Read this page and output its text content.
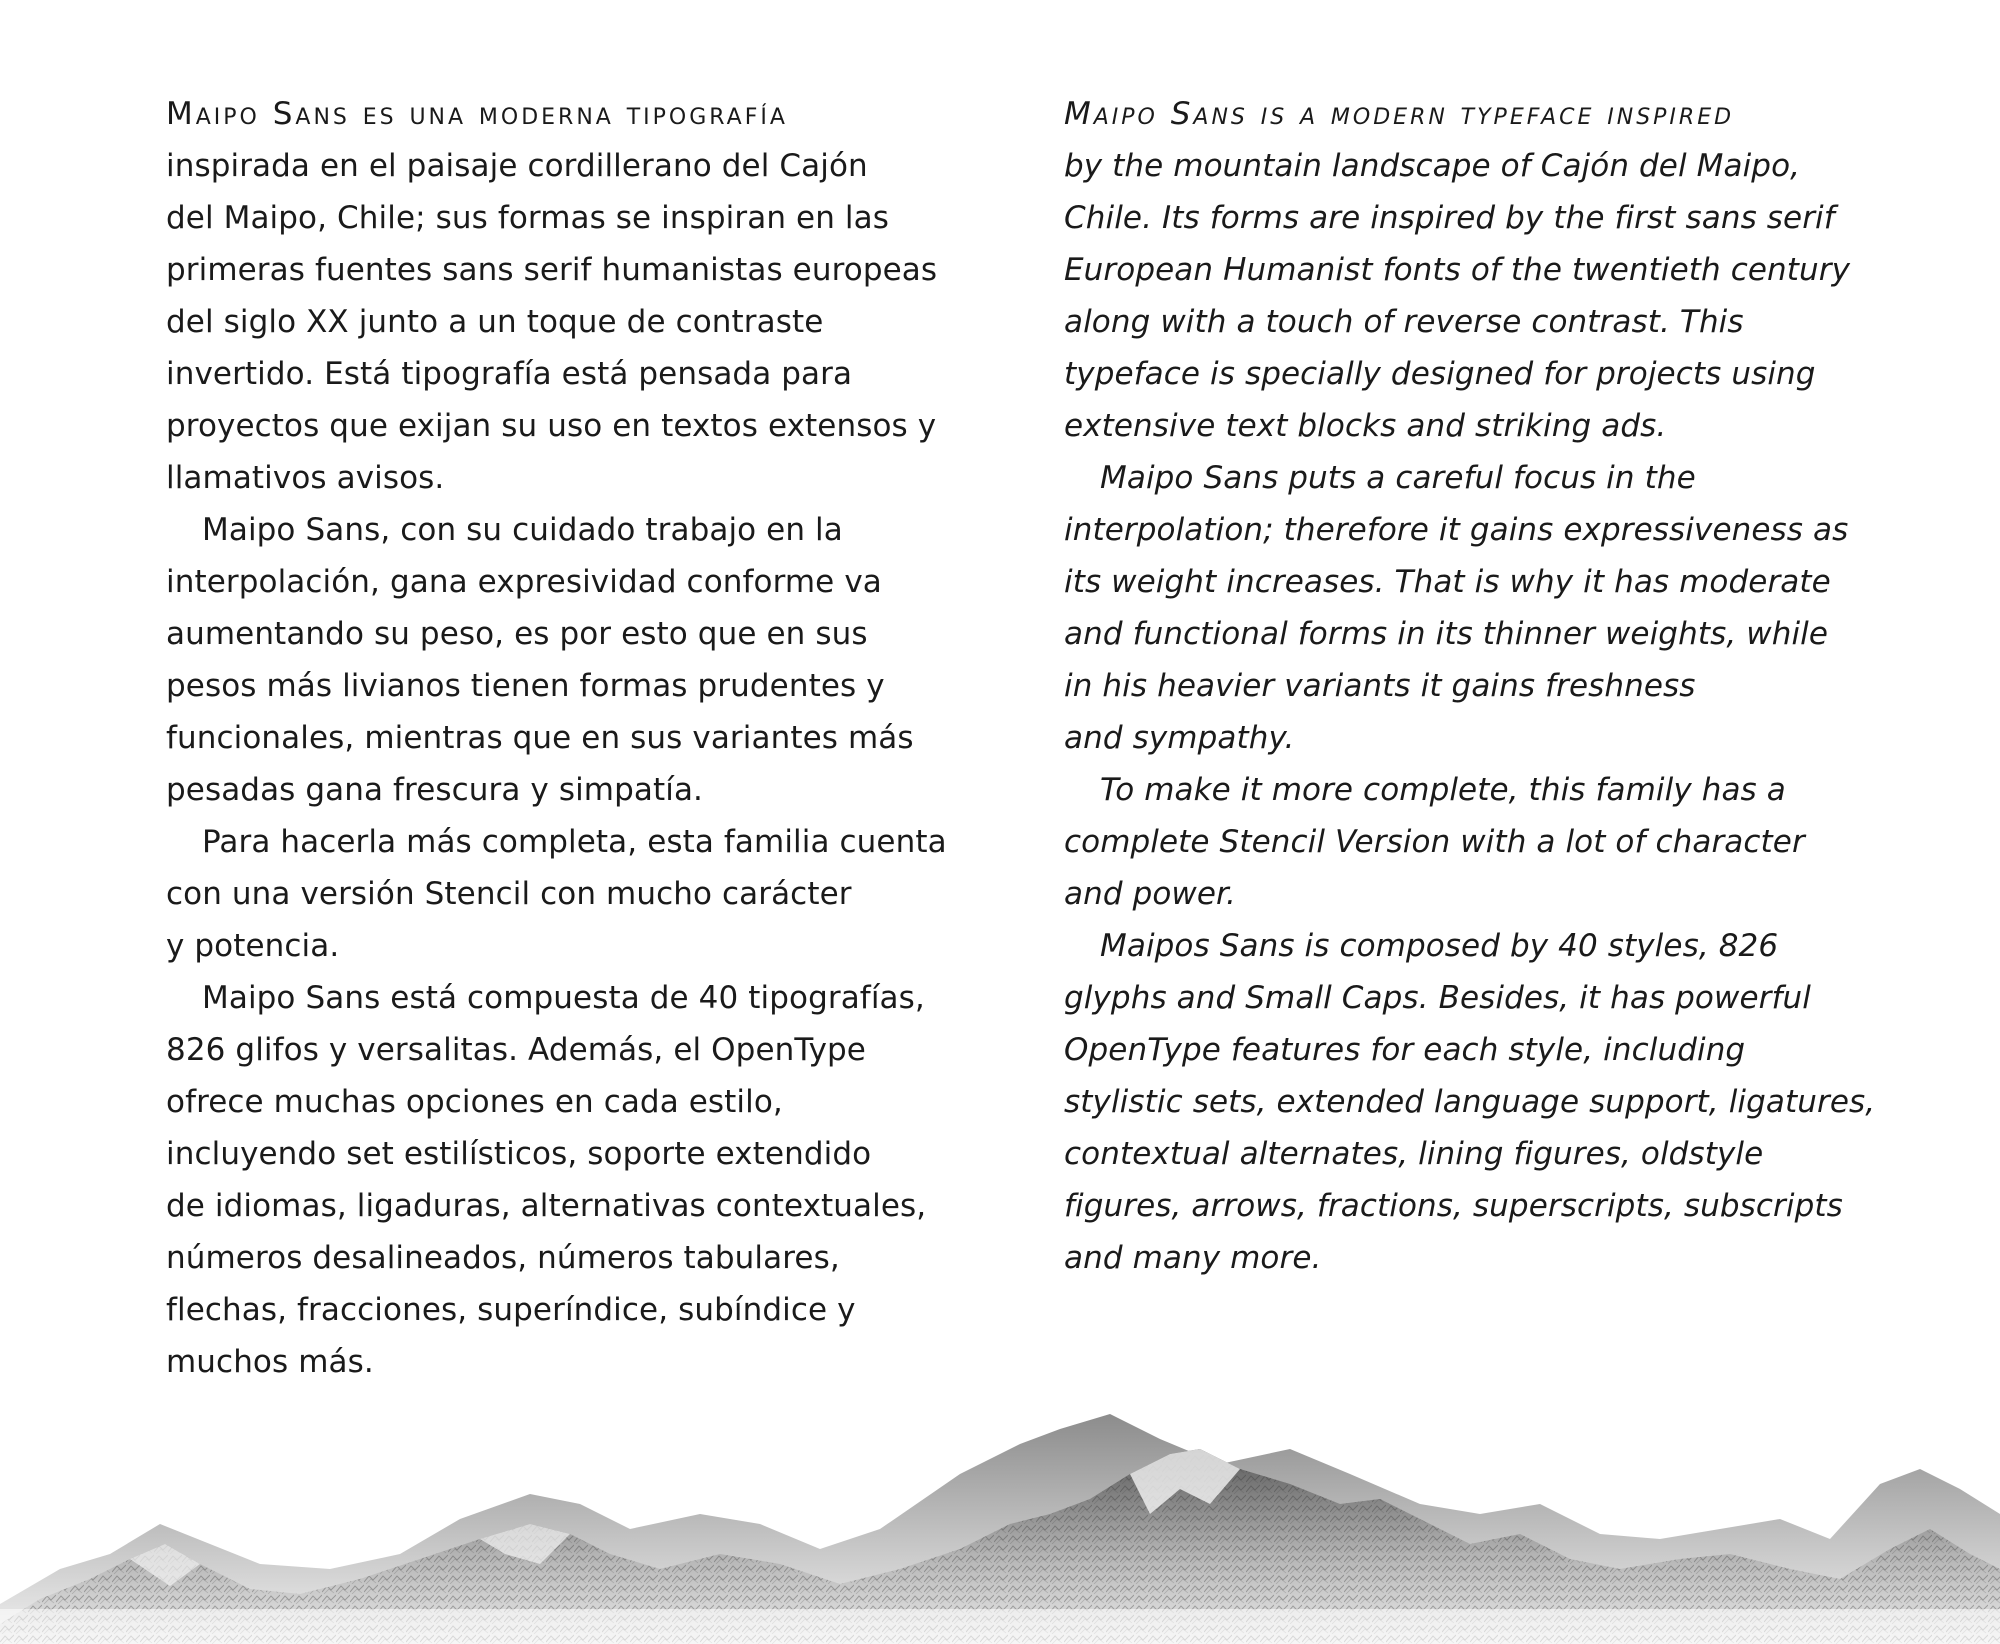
Maipo Sans es una moderna tipografía
inspirada en el paisaje cordillerano del Cajón
del Maipo, Chile; sus formas se inspiran en las
primeras fuentes sans serif humanistas europeas
del siglo XX junto a un toque de contraste
invertido. Está tipografía está pensada para
proyectos que exijan su uso en textos extensos y
llamativos avisos.

Maipo Sans, con su cuidado trabajo en la
interpolación, gana expresividad conforme va
aumentando su peso, es por esto que en sus
pesos más livianos tienen formas prudentes y
funcionales, mientras que en sus variantes más
pesadas gana frescura y simpatía.

Para hacerla más completa, esta familia cuenta
con una versión Stencil con mucho carácter
y potencia.

Maipo Sans está compuesta de 40 tipografías,
826 glifos y versalitas. Además, el OpenType
ofrece muchas opciones en cada estilo,
incluyendo set estilísticos, soporte extendido
de idiomas, ligaduras, alternativas contextuales,
números desalineados, números tabulares,
flechas, fracciones, superíndice, subíndice y
muchos más.

Maipo Sans is a modern typeface inspired
by the mountain landscape of Cajón del Maipo,
Chile. Its forms are inspired by the first sans serif
European Humanist fonts of the twentieth century
along with a touch of reverse contrast. This
typeface is specially designed for projects using
extensive text blocks and striking ads.

Maipo Sans puts a careful focus in the
interpolation; therefore it gains expressiveness as
its weight increases. That is why it has moderate
and functional forms in its thinner weights, while
in his heavier variants it gains freshness
and sympathy.

To make it more complete, this family has a
complete Stencil Version with a lot of character
and power.

Maipos Sans is composed by 40 styles, 826
glyphs and Small Caps. Besides, it has powerful
OpenType features for each style, including
stylistic sets, extended language support, ligatures,
contextual alternates, lining figures, oldstyle
figures, arrows, fractions, superscripts, subscripts
and many more.
